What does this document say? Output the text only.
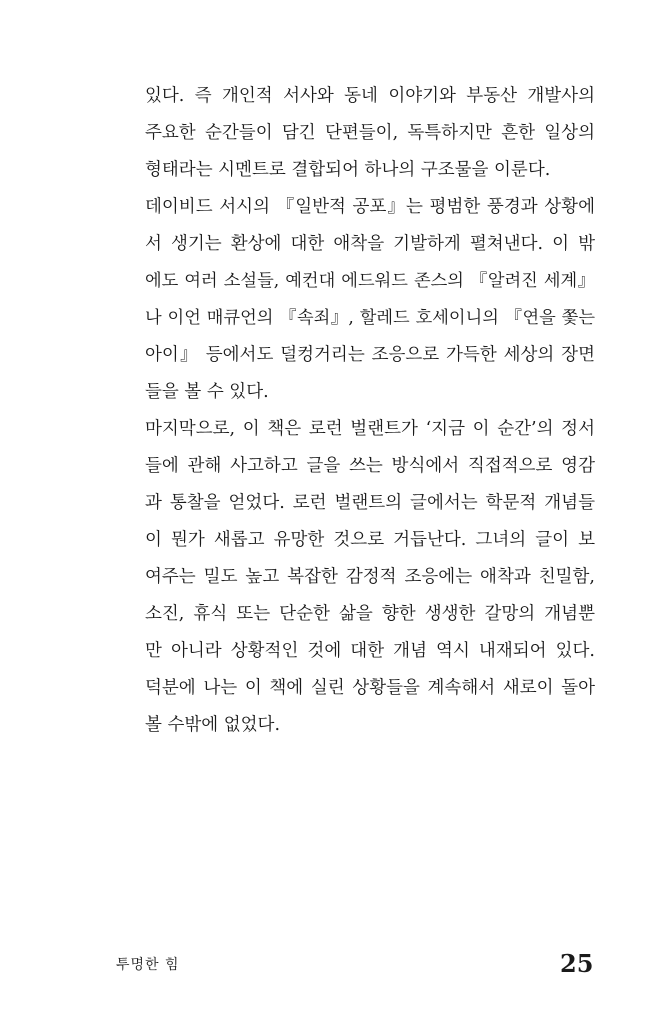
있다. 즉 개인적 서사와 동네 이야기와 부동산 개발사의
주요한 순간들이 담긴 단편들이, 독특하지만 흔한 일상의
형태라는 시멘트로 결합되어 하나의 구조물을 이룬다.
데이비드 서시의 『일반적 공포』는 평범한 풍경과 상황에
서 생기는 환상에 대한 애착을 기발하게 펼쳐낸다. 이 밖
에도 여러 소설들, 예컨대 에드워드 존스의 『알려진 세계』
나 이언 매큐언의 『속죄』, 할레드 호세이니의 『연을 쫓는
아이』 등에서도 덜컹거리는 조응으로 가득한 세상의 장면
들을 볼 수 있다.
마지막으로, 이 책은 로런 벌랜트가 ‘지금 이 순간’의 정서
들에 관해 사고하고 글을 쓰는 방식에서 직접적으로 영감
과 통찰을 얻었다. 로런 벌랜트의 글에서는 학문적 개념들
이 뭔가 새롭고 유망한 것으로 거듭난다. 그녀의 글이 보
여주는 밀도 높고 복잡한 감정적 조응에는 애착과 친밀함,
소진, 휴식 또는 단순한 삶을 향한 생생한 갈망의 개념뿐
만 아니라 상황적인 것에 대한 개념 역시 내재되어 있다.
덕분에 나는 이 책에 실린 상황들을 계속해서 새로이 돌아
볼 수밖에 없었다.
투명한 힘	25
